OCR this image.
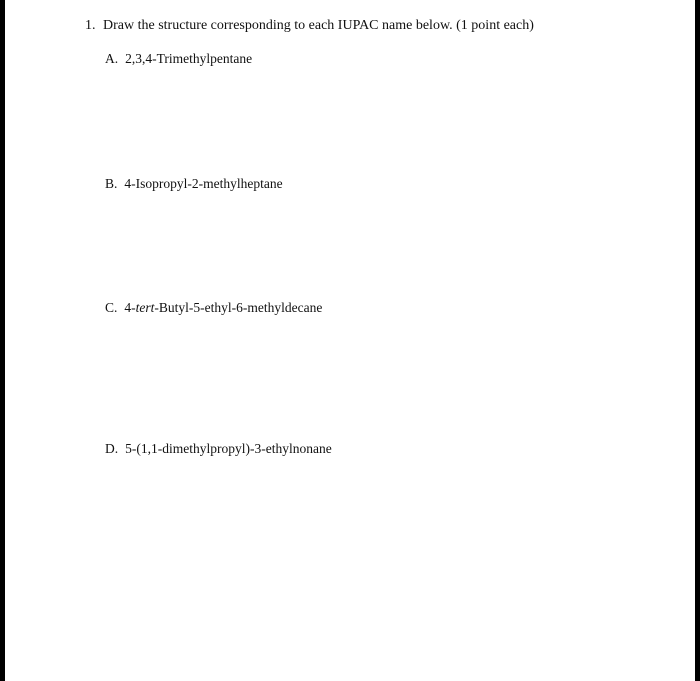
1. Draw the structure corresponding to each IUPAC name below. (1 point each)
A. 2,3,4-Trimethylpentane
B. 4-Isopropyl-2-methylheptane
C. 4-tert-Butyl-5-ethyl-6-methyldecane
D. 5-(1,1-dimethylpropyl)-3-ethylnonane
